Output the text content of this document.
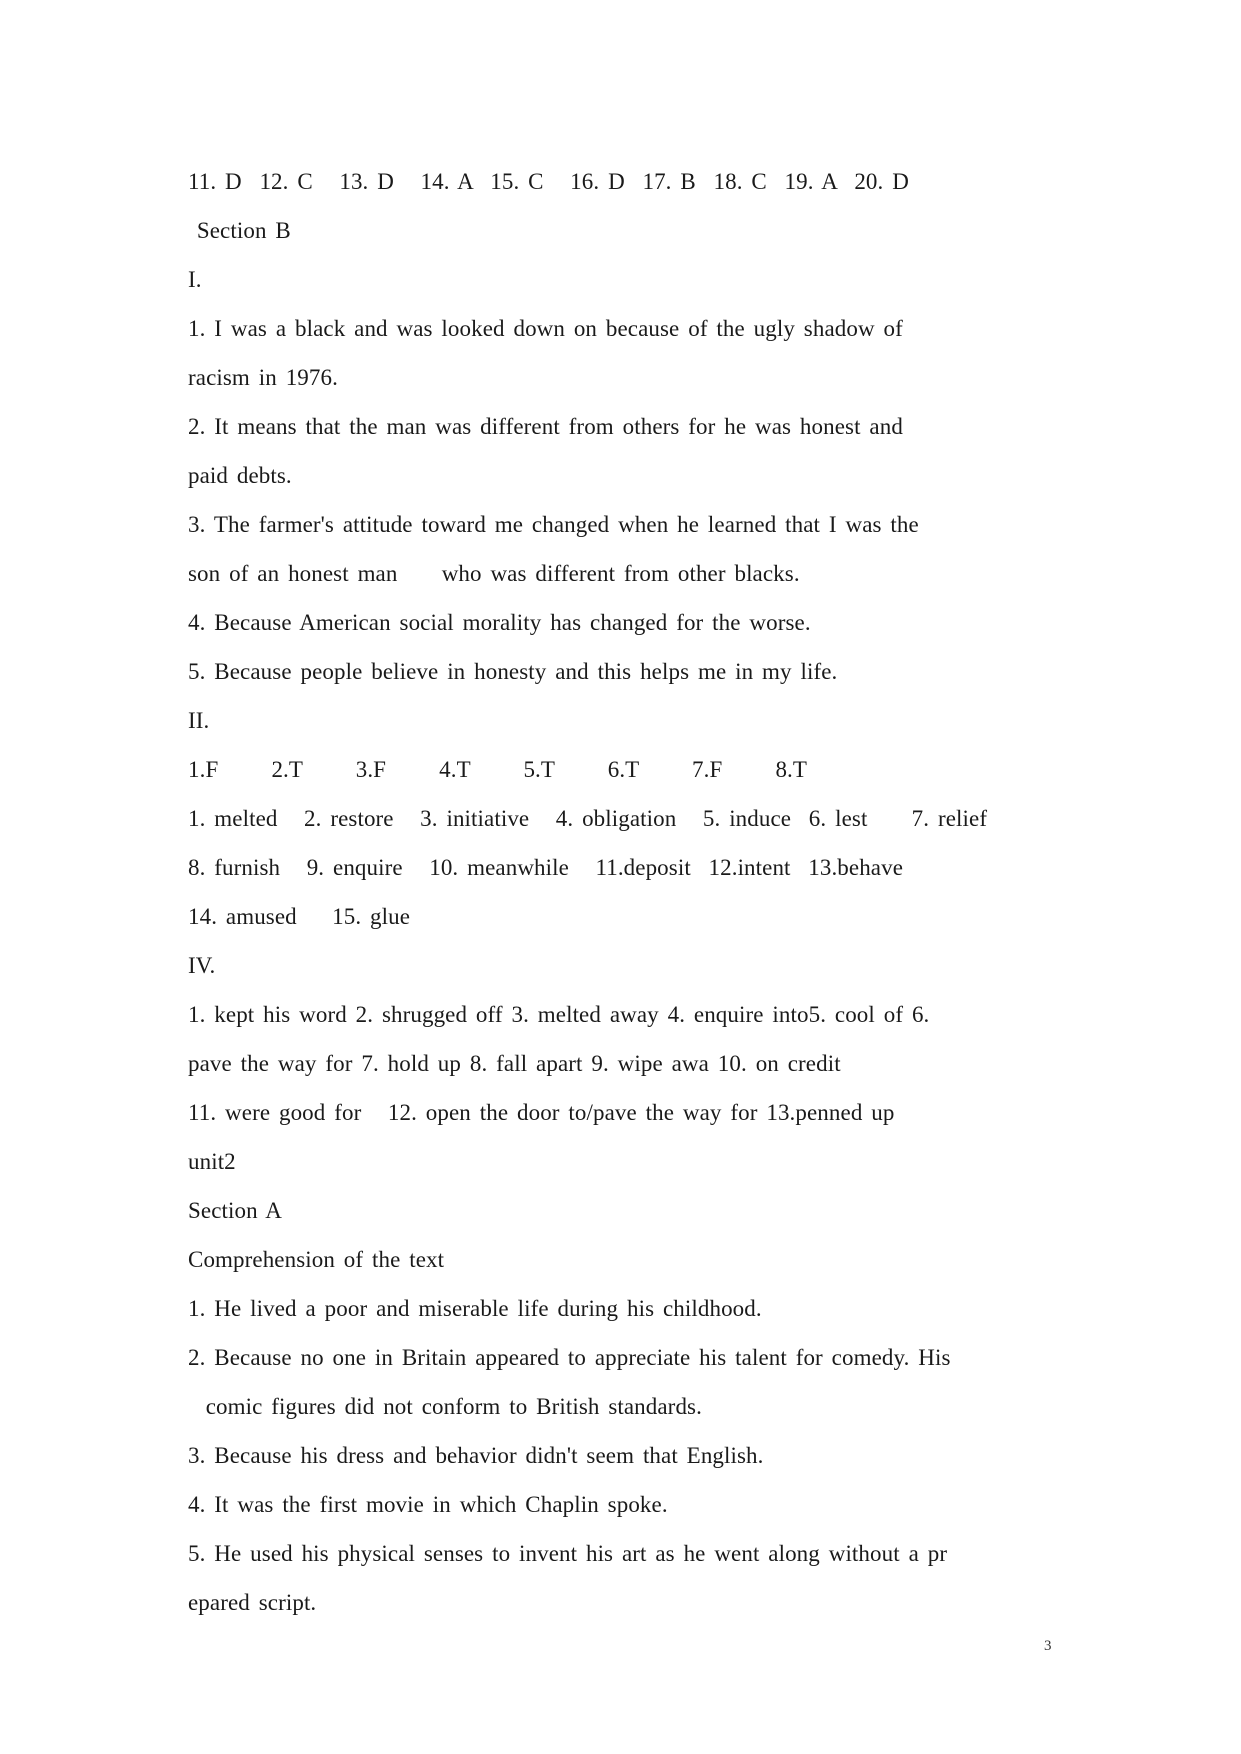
11. D  12. C   13. D   14. A  15. C   16. D  17. B  18. C  19. A  20. D
Section B
I.
1. I was a black and was looked down on because of the ugly shadow of
racism in 1976.
2. It means that the man was different from others for he was honest and
paid debts.
3. The farmer's attitude toward me changed when he learned that I was the
son of an honest man     who was different from other blacks.
4. Because American social morality has changed for the worse.
5. Because people believe in honesty and this helps me in my life.
II.
1.F      2.T      3.F      4.T      5.T      6.T      7.F      8.T
1. melted   2. restore   3. initiative   4. obligation   5. induce  6. lest     7. relief
8. furnish   9. enquire   10. meanwhile   11.deposit  12.intent  13.behave
14. amused    15. glue
IV.
1. kept his word 2. shrugged off 3. melted away 4. enquire into5. cool of 6.
pave the way for 7. hold up 8. fall apart 9. wipe awa 10. on credit
11. were good for   12. open the door to/pave the way for 13.penned up
unit2
Section A
Comprehension of the text
1. He lived a poor and miserable life during his childhood.
2. Because no one in Britain appeared to appreciate his talent for comedy. His
comic figures did not conform to British standards.
3. Because his dress and behavior didn't seem that English.
4. It was the first movie in which Chaplin spoke.
5. He used his physical senses to invent his art as he went along without a pr
epared script.
3
